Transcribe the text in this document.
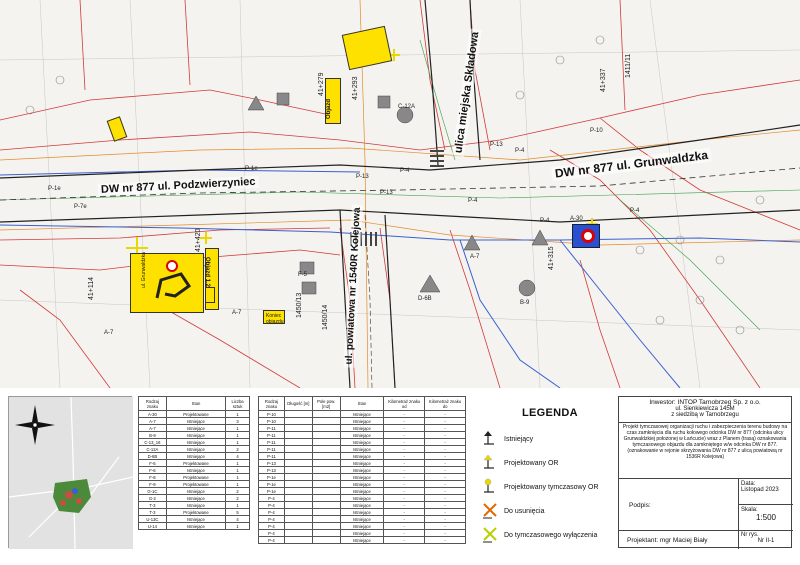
DW nr 877 ul. Podzwierzyniec
DW nr 877 ul. Grunwaldzka
ulica miejska Składowa
ul. powiatowa nr 1540R Kolejowa
41+279	41+293	41+337
41+420
41+114
41+315
1450/14
1450/13
1411/11
P-1e
P-7e
P-1e
P-13
P-4
P-4
P-13
P-4
P-10
P-4
P-13
P-4
A-7
A-7
D-6B
A-30
B-9
C-12A
F-5
A-7
Objazd
ul. Grunwaldzka	Objazd 1.2
Koniec objazdu
Rodzaj znaku	Stan	Liczba sztuk
A-30	Projektowane	1
A-7	Istniejące	3
A-7	Istniejące	1
B-9	Istniejące	1
C-13_16	Istniejące	1
C-12A	Istniejące	2
D-6B	Istniejące	4
F-5	Projektowane	1
F-6	Istniejące	1
F-8	Projektowane	1
F-9	Projektowane	1
G-1C	Istniejące	2
G-2	Istniejące	2
T-3	Istniejące	1
T-3	Projektowane	5
U-13C	Istniejące	4
U-14	Istniejące	1
Rodzaj znaku	Długość [m]	Pole pow. [m2]	Stan	Kilometraż znaku od	Kilometraż znaku do
P-10			Istniejące	-	-
P-10			Istniejące	-	-
P-11			Istniejące	-	-
P-11			Istniejące	-	-
P-11			Istniejące	-	-
P-11			Istniejące	-	-
P-11			Istniejące	-	-
P-13			Istniejące	-	-
P-13			Istniejące	-	-
P-1e			Istniejące	-	-
P-1e			Istniejące	-	-
P-1e			Istniejące	-	-
P-4			Istniejące	-	-
P-4			Istniejące	-	-
P-4			Istniejące	-	-
P-4			Istniejące	-	-
P-4			Istniejące	-	-
P-4			Istniejące	-	-
P-4			Istniejące	-	-
LEGENDA
Istniejący
Projektowany OR
Projektowany tymczasowy OR
Do usunięcia
Do tymczasowego wyłączenia
Inwestor: INTOP Tarnobrzeg Sp. z o.o.
ul. Sienkiewicza 145M
z siedzibą w Tarnobrzegu
Projekt tymczasowej organizacji ruchu i zabezpieczenia terenu budowy na czas zamknięcia dla ruchu kołowego odcinka DW nr 877 (odcinka ulicy Grunwaldzkiej położonej w Łańcucie) wraz z Planem (trasą) oznakowania tymczasowego objazdu dla zamkniętego w/w odcinka DW nr 877.
(oznakowanie w rejonie skrzyżowania DW nr 877 z ulicą powiatową nr 1536R Kolejowa)
Podpis:
Data:
Listopad 2023
Skala:
1:500
Projektant: mgr Maciej Biały
Nr rys.
Nr II-1
